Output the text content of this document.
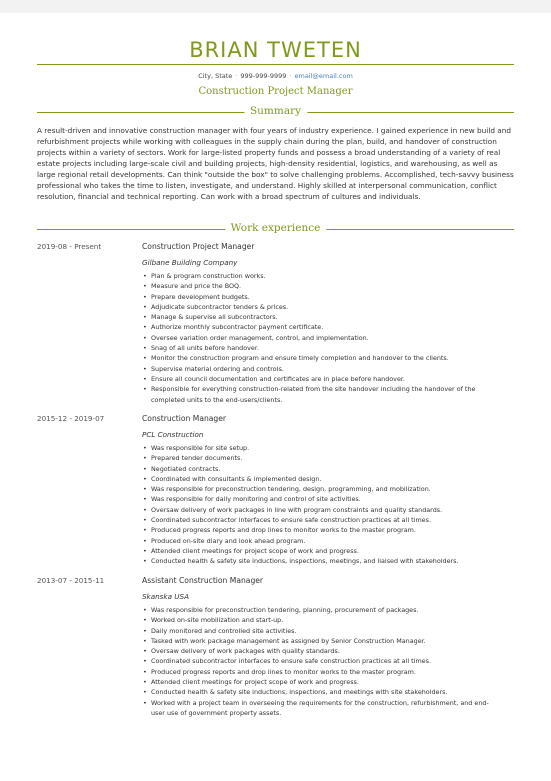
BRIAN TWETEN
City, State · 999-999-9999 · email@email.com
Construction Project Manager
Summary

A result-driven and innovative construction manager with four years of industry experience. I gained experience in new build and refurbishment projects while working with colleagues in the supply chain during the plan, build, and handover of construction projects within a variety of sectors. Work for large-listed property funds and possess a broad understanding of a variety of real estate projects including large-scale civil and building projects, high-density residential, logistics, and warehousing, as well as large regional retail developments. Can think "outside the box" to solve challenging problems. Accomplished, tech-savvy business professional who takes the time to listen, investigate, and understand. Highly skilled at interpersonal communication, conflict resolution, financial and technical reporting. Can work with a broad spectrum of cultures and individuals.

Work experience
2019-08 - Present	Construction Project Manager
Gilbane Building Company
• Plan & program construction works.
• Measure and price the BOQ.
• Prepare development budgets.
• Adjudicate subcontractor tenders & prices.
• Manage & supervise all subcontractors.
• Authorize monthly subcontractor payment certificate.
• Oversee variation order management, control, and implementation.
• Snag of all units before handover.
• Monitor the construction program and ensure timely completion and handover to the clients.
• Supervise material ordering and controls.
• Ensure all council documentation and certificates are in place before handover.
• Responsible for everything construction-related from the site handover including the handover of the completed units to the end-users/clients.
2015-12 - 2019-07	Construction Manager
PCL Construction
• Was responsible for site setup.
• Prepared tender documents.
• Negotiated contracts.
• Coordinated with consultants & implemented design.
• Was responsible for preconstruction tendering, design, programming, and mobilization.
• Was responsible for daily monitoring and control of site activities.
• Oversaw delivery of work packages in line with program constraints and quality standards.
• Coordinated subcontractor interfaces to ensure safe construction practices at all times.
• Produced progress reports and drop lines to monitor works to the master program.
• Produced on-site diary and look ahead program.
• Attended client meetings for project scope of work and progress.
• Conducted health & safety site inductions, inspections, meetings, and liaised with stakeholders.
2013-07 - 2015-11	Assistant Construction Manager
Skanska USA
• Was responsible for preconstruction tendering, planning, procurement of packages.
• Worked on-site mobilization and start-up.
• Daily monitored and controlled site activities.
• Tasked with work package management as assigned by Senior Construction Manager.
• Oversaw delivery of work packages with quality standards.
• Coordinated subcontractor interfaces to ensure safe construction practices at all times.
• Produced progress reports and drop lines to monitor works to the master program.
• Attended client meetings for project scope of work and progress.
• Conducted health & safety site inductions, inspections, and meetings with site stakeholders.
• Worked with a project team in overseeing the requirements for the construction, refurbishment, and end-user use of government property assets.
